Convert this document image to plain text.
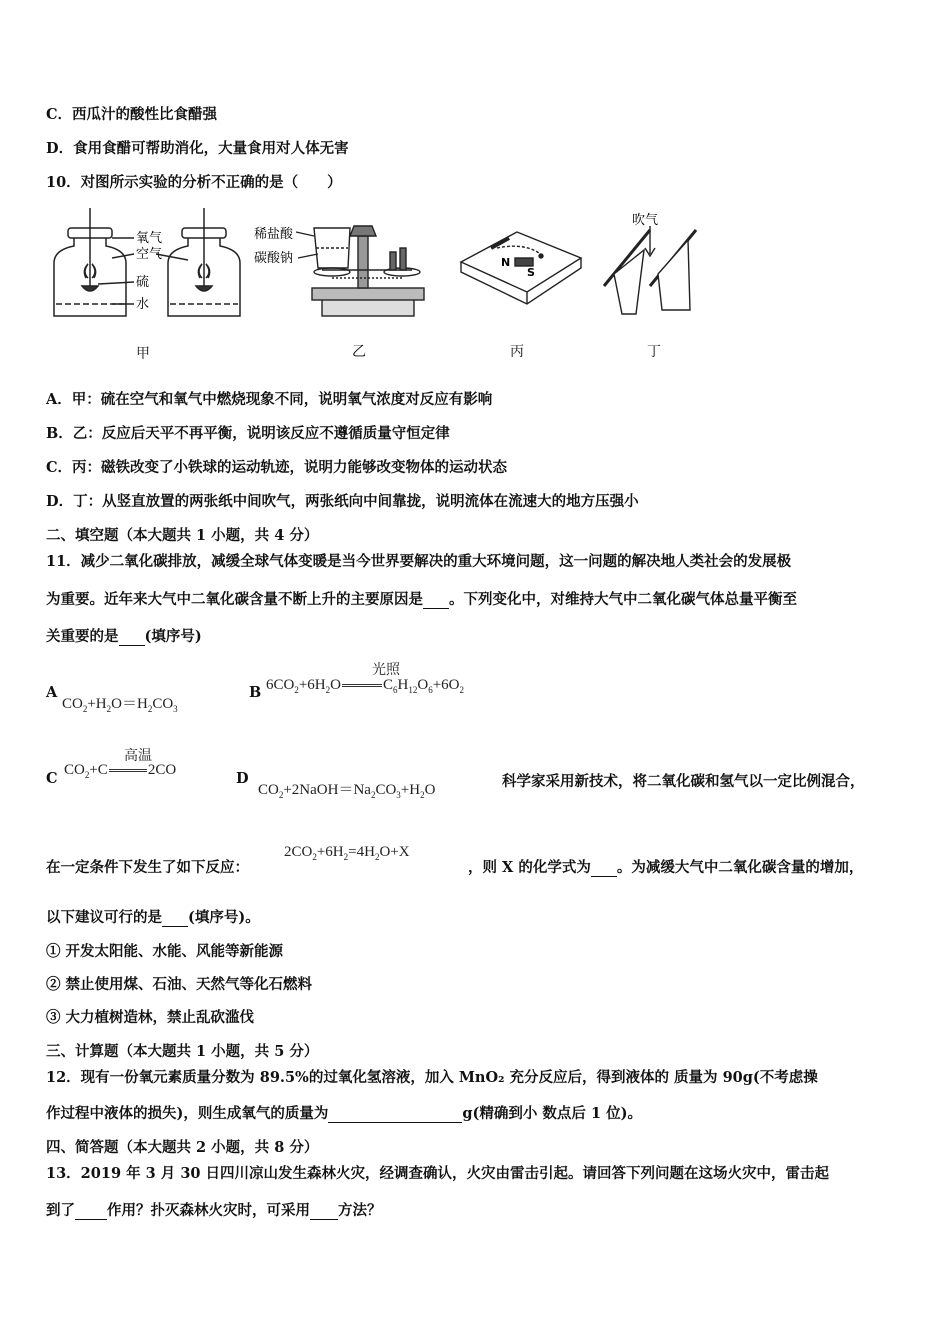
C．西瓜汁的酸性比食醋强
D．食用食醋可帮助消化，大量食用对人体无害
10．对图所示实验的分析不正确的是（　　）
氧气
空气
硫
水
稀盐酸
碳酸钠	N
S
吹气
甲	乙	丙	丁
A．甲：硫在空气和氧气中燃烧现象不同，说明氧气浓度对反应有影响
B．乙：反应后天平不再平衡，说明该反应不遵循质量守恒定律
C．丙：磁铁改变了小铁球的运动轨迹，说明力能够改变物体的运动状态
D．丁：从竖直放置的两张纸中间吹气，两张纸向中间靠拢，说明流体在流速大的地方压强小
二、填空题（本大题共 1 小题，共 4 分）
11．减少二氧化碳排放，减缓全球气体变暖是当今世界要解决的重大环境问题，这一问题的解决地人类社会的发展极
为重要。近年来大气中二氧化碳含量不断上升的主要原因是 。下列变化中，对维持大气中二氧化碳气体总量平衡至
关重要的是 (填序号)
A
$CO_2+H_2O=H_2CO_3$
B $6CO_2+6H_2O$	$C_6H_{12}O_6+6O_2$
光照
C $CO_2+C$	2CO
高温
D
$CO_2+2NaOH=Na_2CO_3+H_2O$	科学家采用新技术，将二氧化碳和氢气以一定比例混合，
在一定条件下发生了如下反应：
$2CO_2+6H_2=4H_2O+X$
，则 X 的化学式为 。为减缓大气中二氧化碳含量的增加，
以下建议可行的是 (填序号)。
① 开发太阳能、水能、风能等新能源
② 禁止使用煤、石油、天然气等化石燃料
③ 大力植树造林，禁止乱砍滥伐
三、计算题（本大题共 1 小题，共 5 分）
12．现有一份氧元素质量分数为 89.5%的过氧化氢溶液，加入 MnO₂ 充分反应后，得到液体的 质量为 90g(不考虑操
作过程中液体的损失)，则生成氧气的质量为	g(精确到小 数点后 1 位)。
四、简答题（本大题共 2 小题，共 8 分）
13．2019 年 3 月 30 日四川凉山发生森林火灾，经调查确认，火灾由雷击引起。请回答下列问题在这场火灾中，雷击起
到了 作用？扑灭森林火灾时，可采用 方法？
